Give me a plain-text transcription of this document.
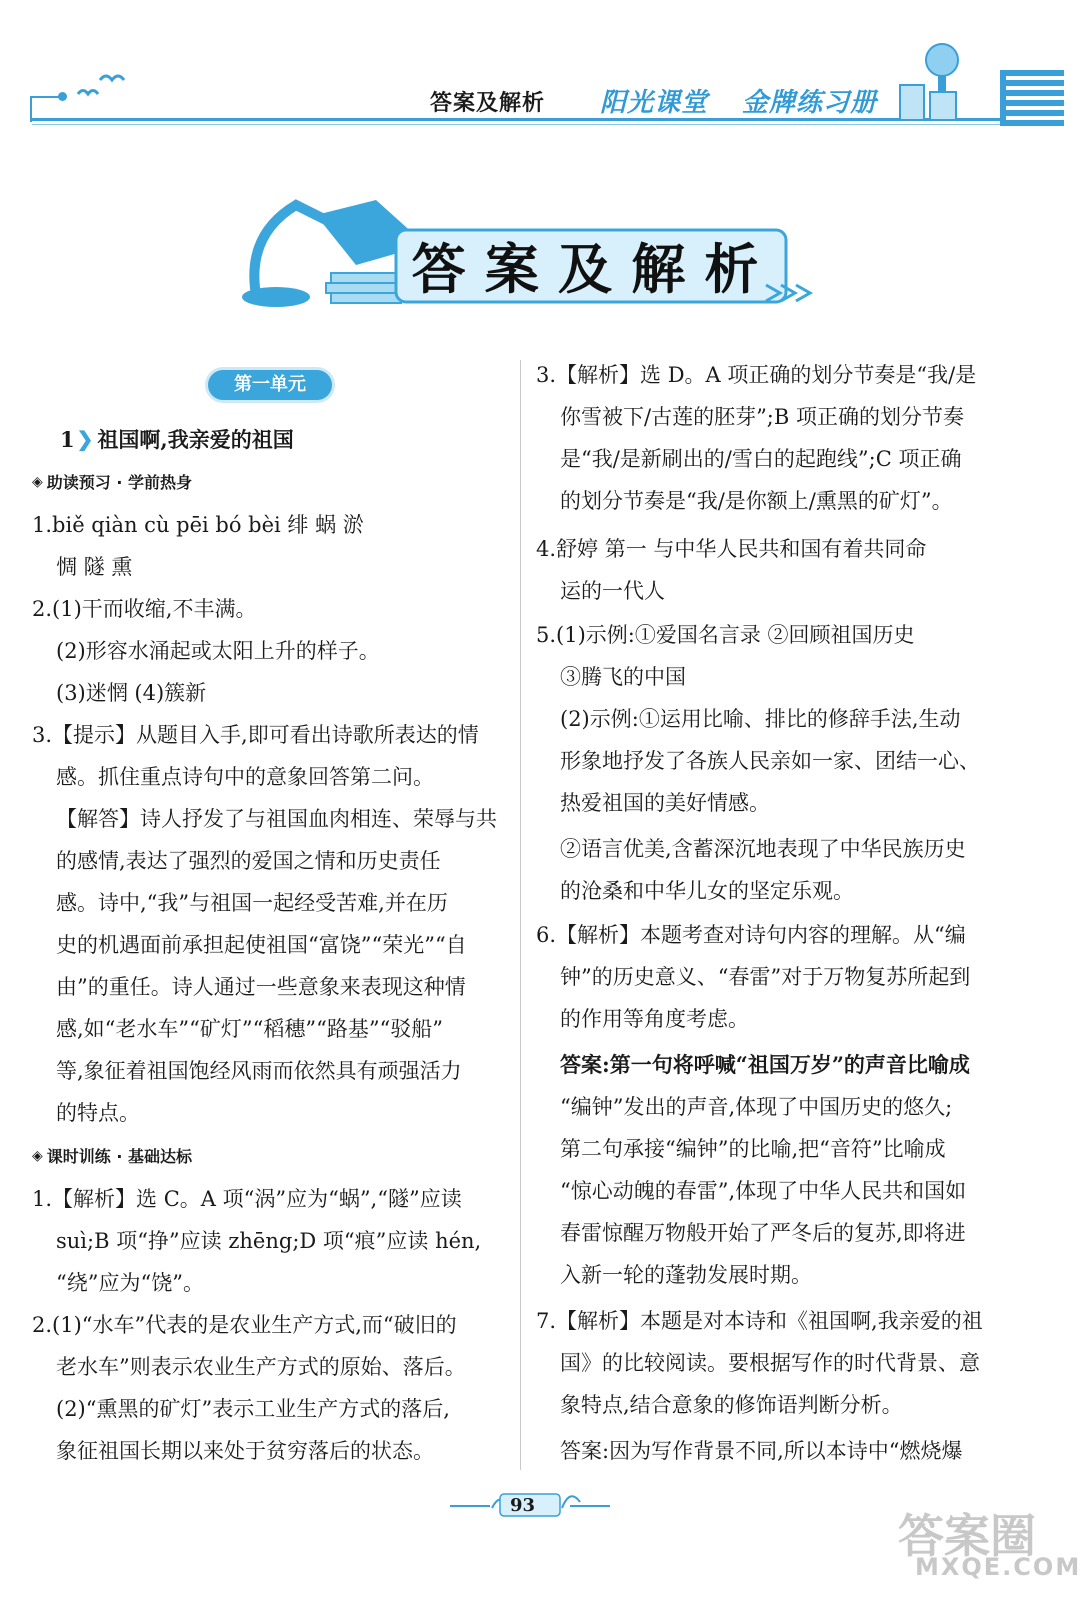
答案及解析 阳光课堂 金牌练习册
答 案 及 解 析
第一单元
1 ❯ 祖国啊,我亲爱的祖国
◈ 助读预习 · 学前热身
1.biě qiàn cù pēi bó bèi 绯 蜗 淤
惆 隧 熏
2.(1)干而收缩,不丰满。
(2)形容水涌起或太阳上升的样子。
(3)迷惘 (4)簇新
3.【提示】从题目入手,即可看出诗歌所表达的情
感。抓住重点诗句中的意象回答第二问。
【解答】诗人抒发了与祖国血肉相连、荣辱与共
的感情,表达了强烈的爱国之情和历史责任
感。诗中,“我”与祖国一起经受苦难,并在历
史的机遇面前承担起使祖国“富饶”“荣光”“自
由”的重任。诗人通过一些意象来表现这种情
感,如“老水车”“矿灯”“稻穗”“路基”“驳船”
等,象征着祖国饱经风雨而依然具有顽强活力
的特点。
◈ 课时训练 · 基础达标
1.【解析】选 C。A 项“涡”应为“蜗”,“隧”应读
suì;B 项“挣”应读 zhēng;D 项“痕”应读 hén,
“绕”应为“饶”。
2.(1)“水车”代表的是农业生产方式,而“破旧的
老水车”则表示农业生产方式的原始、落后。
(2)“熏黑的矿灯”表示工业生产方式的落后,
象征祖国长期以来处于贫穷落后的状态。
3.【解析】选 D。A 项正确的划分节奏是“我/是
你雪被下/古莲的胚芽”;B 项正确的划分节奏
是“我/是新刷出的/雪白的起跑线”;C 项正确
的划分节奏是“我/是你额上/熏黑的矿灯”。
4.舒婷 第一 与中华人民共和国有着共同命
运的一代人
5.(1)示例:①爱国名言录 ②回顾祖国历史
③腾飞的中国
(2)示例:①运用比喻、排比的修辞手法,生动
形象地抒发了各族人民亲如一家、团结一心、
热爱祖国的美好情感。
②语言优美,含蓄深沉地表现了中华民族历史
的沧桑和中华儿女的坚定乐观。
6.【解析】本题考查对诗句内容的理解。从“编
钟”的历史意义、“春雷”对于万物复苏所起到
的作用等角度考虑。
答案:第一句将呼喊“祖国万岁”的声音比喻成
“编钟”发出的声音,体现了中国历史的悠久;
第二句承接“编钟”的比喻,把“音符”比喻成
“惊心动魄的春雷”,体现了中华人民共和国如
春雷惊醒万物般开始了严冬后的复苏,即将进
入新一轮的蓬勃发展时期。
7.【解析】本题是对本诗和《祖国啊,我亲爱的祖
国》的比较阅读。要根据写作的时代背景、意
象特点,结合意象的修饰语判断分析。
答案:因为写作背景不同,所以本诗中“燃烧爆
93
答案圈
MXQE.COM
